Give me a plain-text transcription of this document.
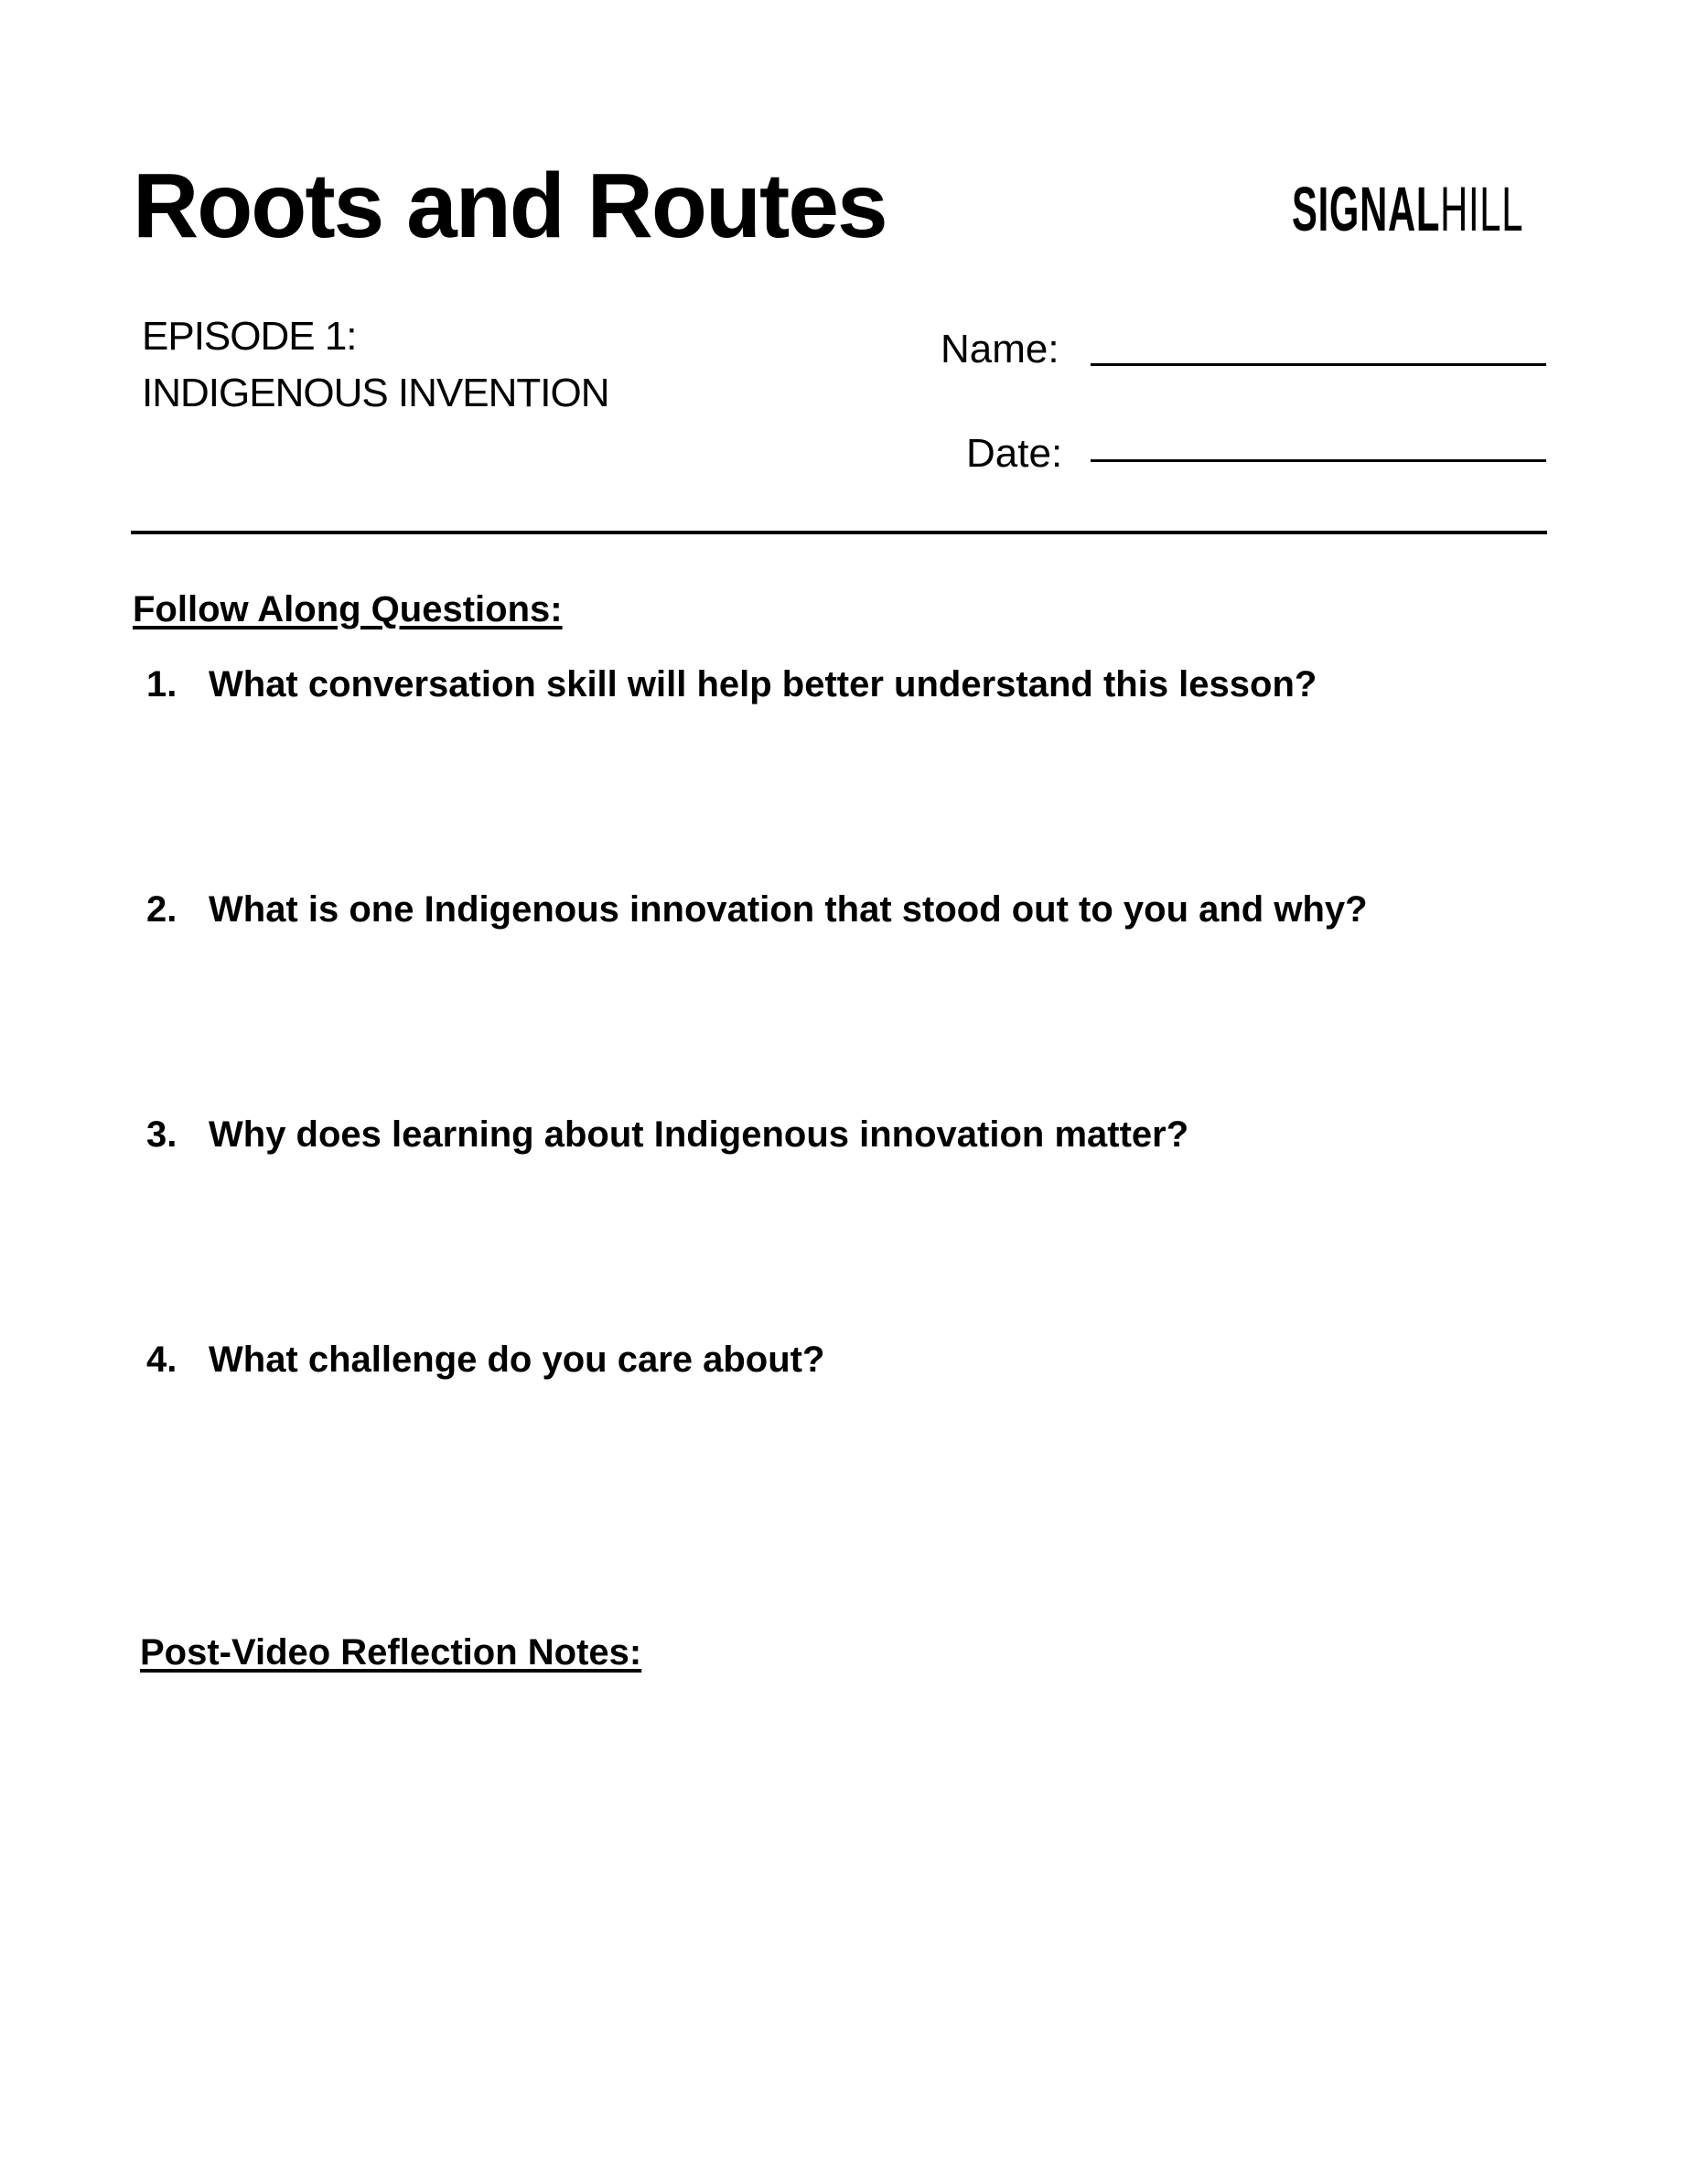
Roots and Routes	SIGNALHILL
EPISODE 1:
INDIGENOUS INVENTION
Name:
Date:
Follow Along Questions:
1. What conversation skill will help better understand this lesson?
2. What is one Indigenous innovation that stood out to you and why?
3. Why does learning about Indigenous innovation matter?
4. What challenge do you care about?
Post-Video Reflection Notes:
